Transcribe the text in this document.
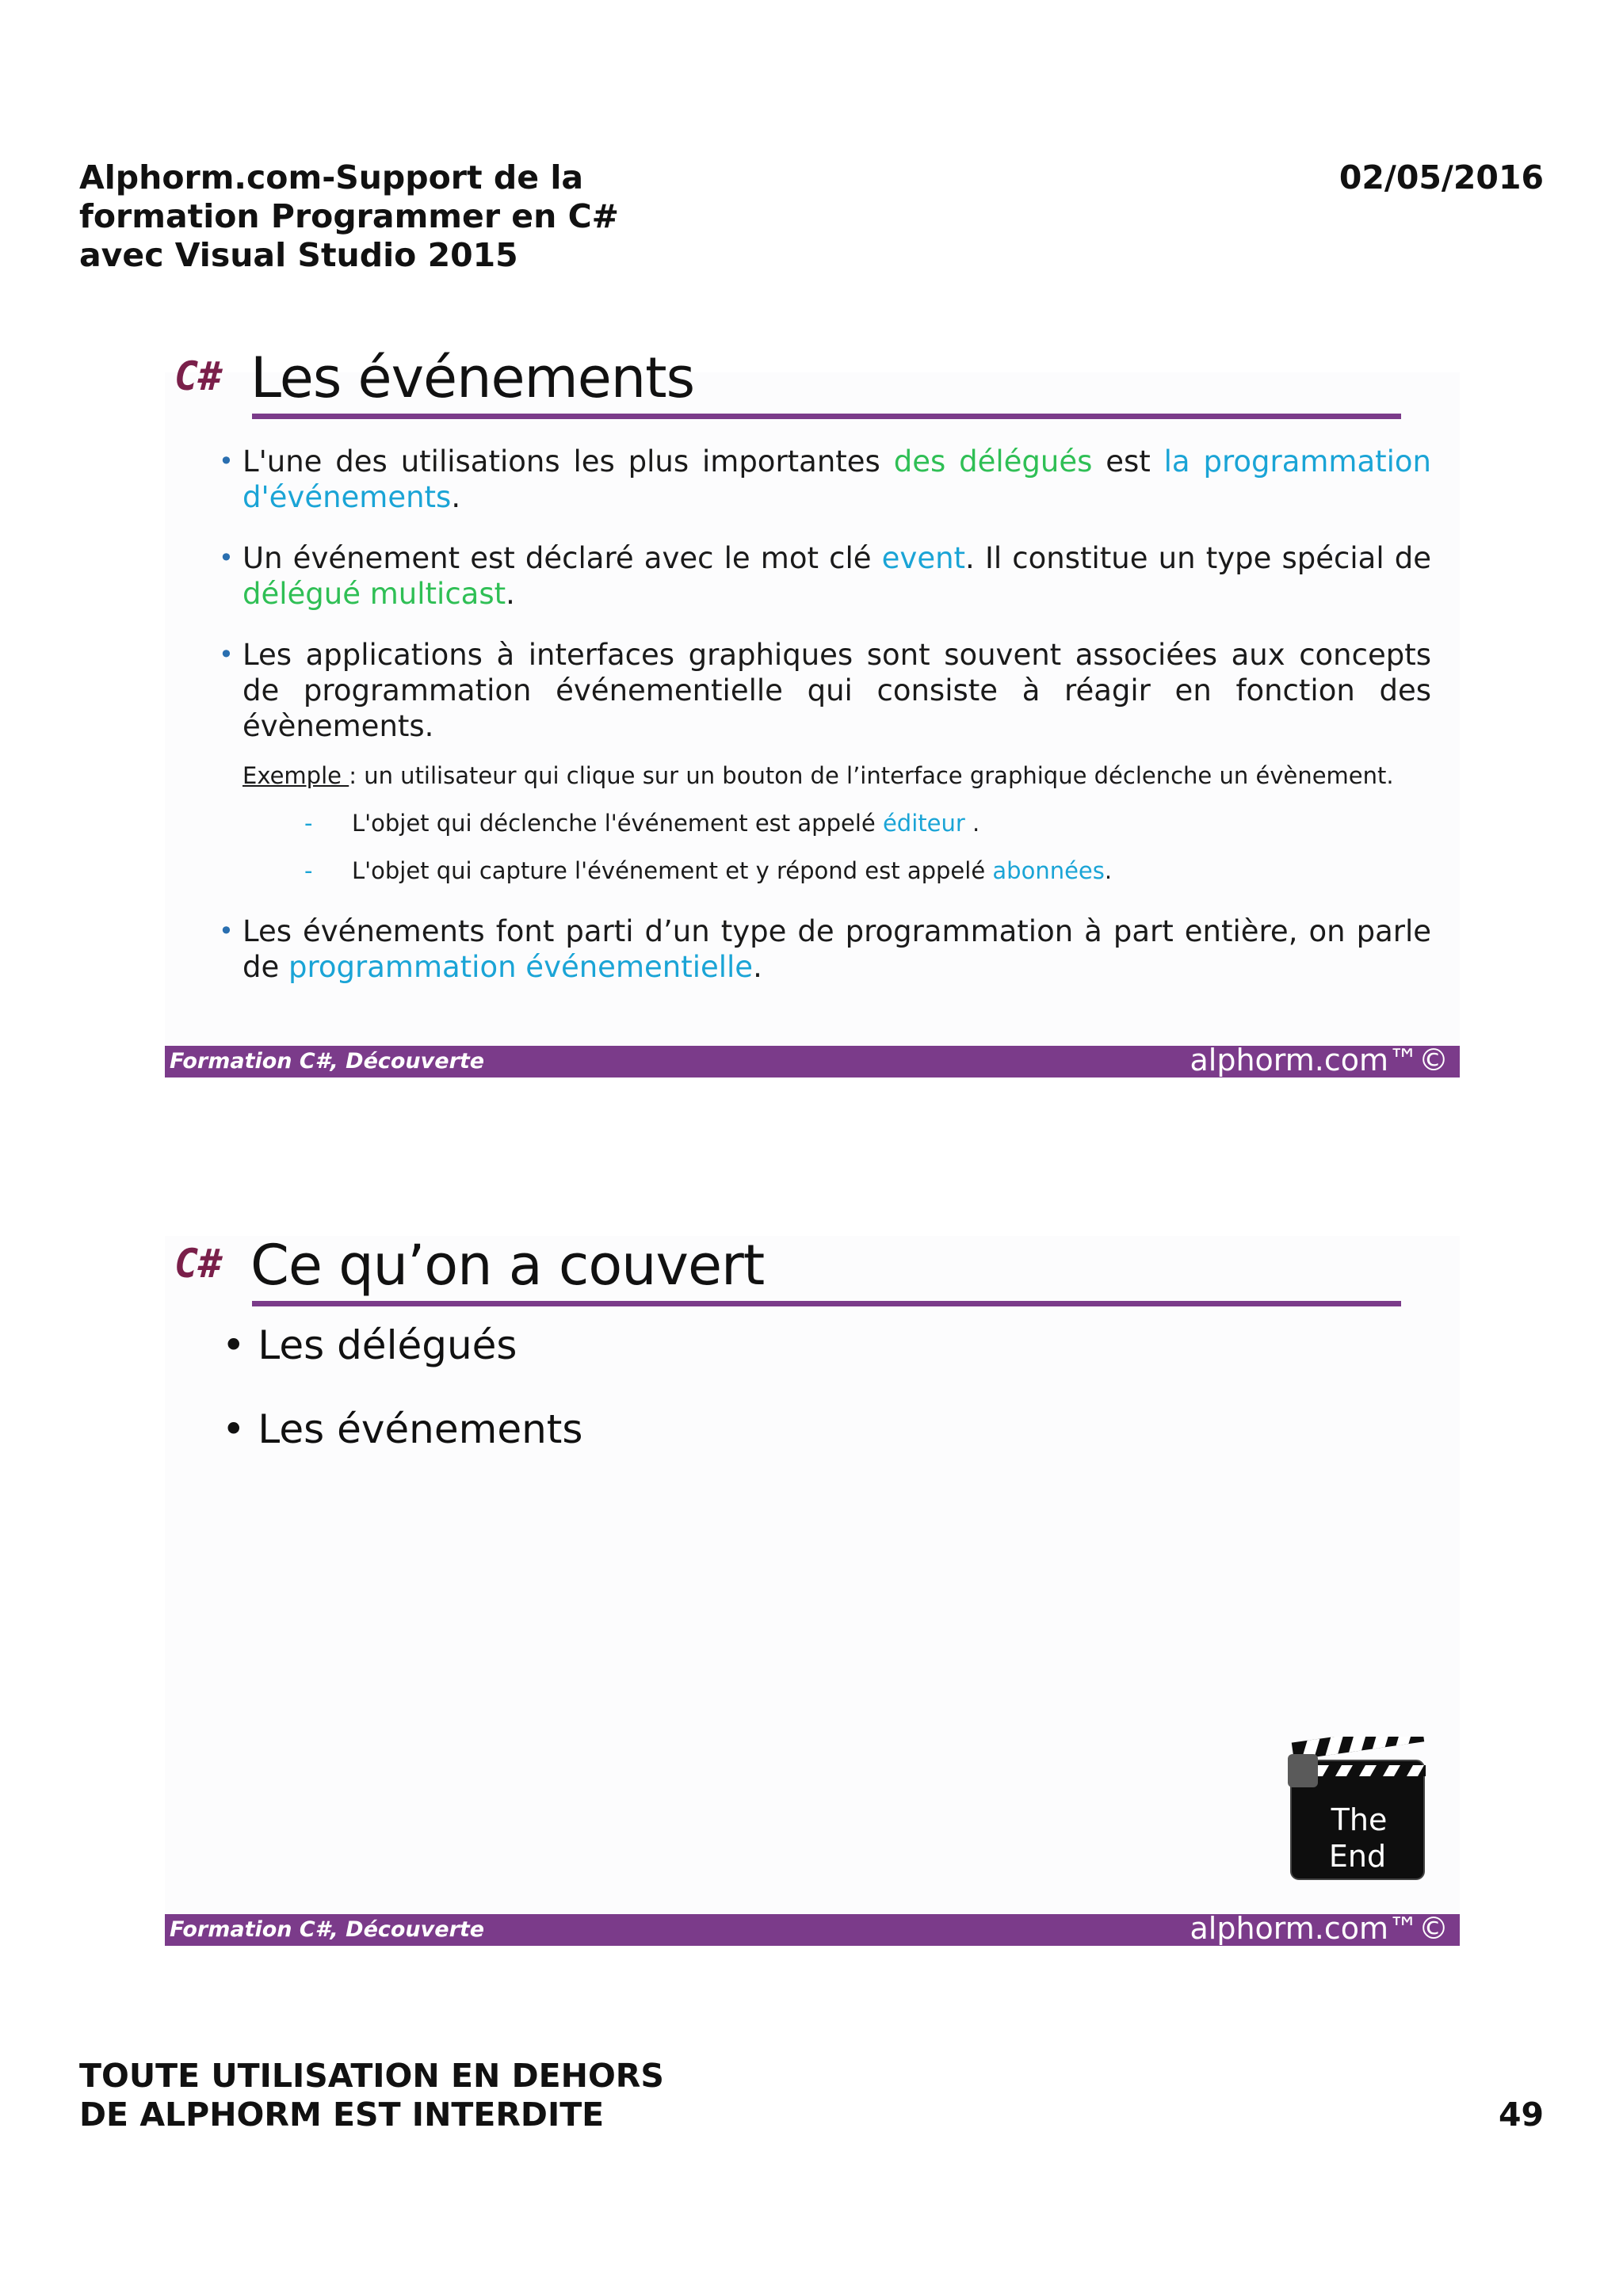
Alphorm.com-Support de la
formation Programmer en C#
avec Visual Studio 2015
02/05/2016
C# Les événements
• L'une des utilisations les plus importantes des délégués est la programmation d'événements.
• Un événement est déclaré avec le mot clé event. Il constitue un type spécial de délégué multicast.
• Les applications à interfaces graphiques sont souvent associées aux concepts de programmation événementielle qui consiste à réagir en fonction des évènements.
Exemple : un utilisateur qui clique sur un bouton de l’interface graphique déclenche un évènement.
- L'objet qui déclenche l'événement est appelé éditeur .
- L'objet qui capture l'événement et y répond est appelé abonnées.
• Les événements font parti d’un type de programmation à part entière, on parle de programmation événementielle.
Formation C#, Découverte	alphorm.com™©
C# Ce qu’on a couvert
• Les délégués
• Les événements
The
End
Formation C#, Découverte	alphorm.com™©
TOUTE UTILISATION EN DEHORS
DE ALPHORM EST INTERDITE	49
